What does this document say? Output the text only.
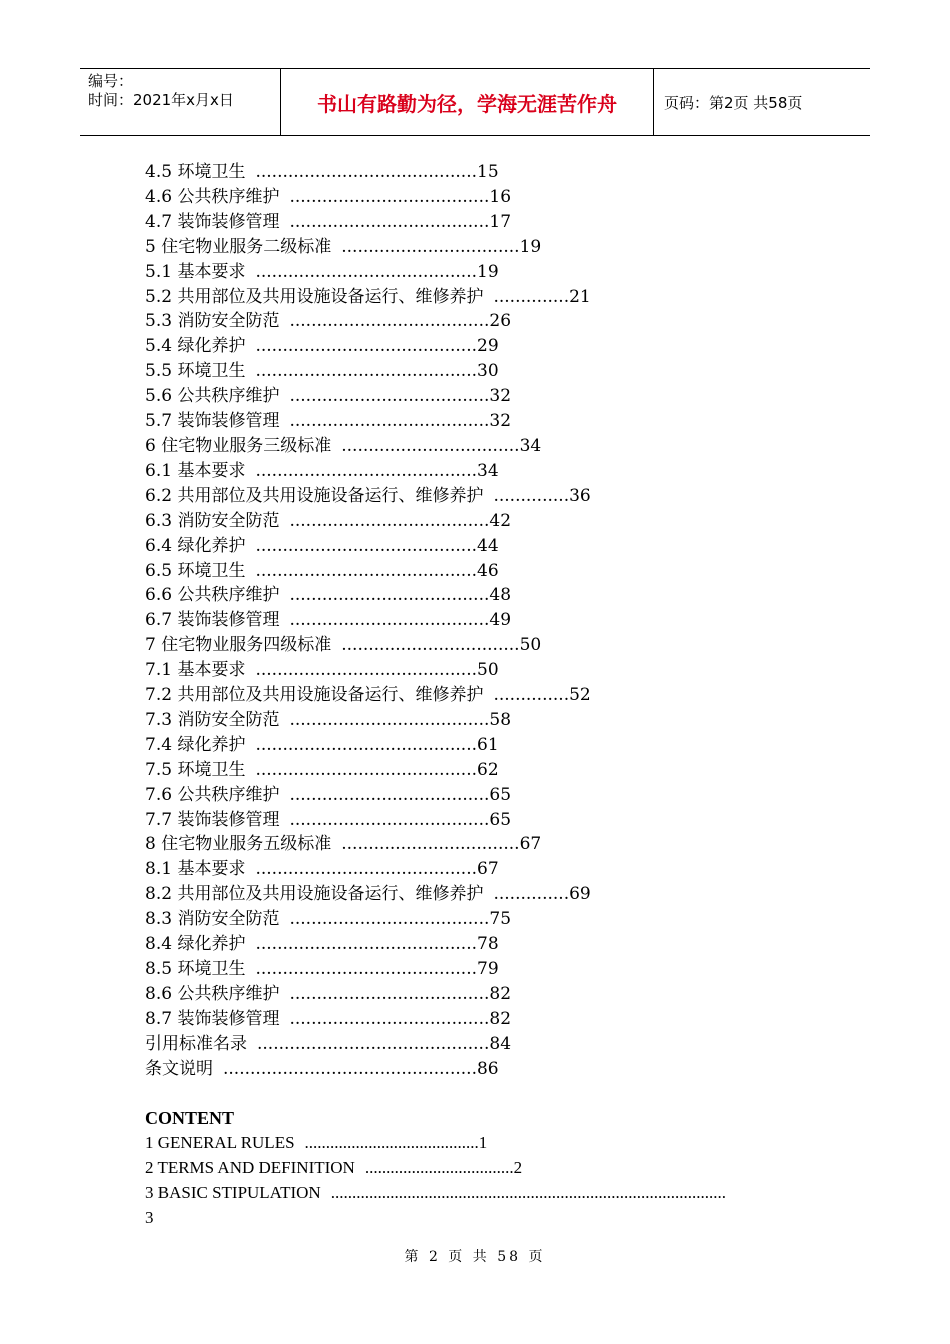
编号：
时间：2021年x月x日	书山有路勤为径，学海无涯苦作舟	页码：第2页 共58页
4.5 环境卫生 .........................................15
4.6 公共秩序维护 .....................................16
4.7 装饰装修管理 .....................................17
5 住宅物业服务二级标准 .................................19
5.1 基本要求 .........................................19
5.2 共用部位及共用设施设备运行、维修养护 ..............21
5.3 消防安全防范 .....................................26
5.4 绿化养护 .........................................29
5.5 环境卫生 .........................................30
5.6 公共秩序维护 .....................................32
5.7 装饰装修管理 .....................................32
6 住宅物业服务三级标准 .................................34
6.1 基本要求 .........................................34
6.2 共用部位及共用设施设备运行、维修养护 ..............36
6.3 消防安全防范 .....................................42
6.4 绿化养护 .........................................44
6.5 环境卫生 .........................................46
6.6 公共秩序维护 .....................................48
6.7 装饰装修管理 .....................................49
7 住宅物业服务四级标准 .................................50
7.1 基本要求 .........................................50
7.2 共用部位及共用设施设备运行、维修养护 ..............52
7.3 消防安全防范 .....................................58
7.4 绿化养护 .........................................61
7.5 环境卫生 .........................................62
7.6 公共秩序维护 .....................................65
7.7 装饰装修管理 .....................................65
8 住宅物业服务五级标准 .................................67
8.1 基本要求 .........................................67
8.2 共用部位及共用设施设备运行、维修养护 ..............69
8.3 消防安全防范 .....................................75
8.4 绿化养护 .........................................78
8.5 环境卫生 .........................................79
8.6 公共秩序维护 .....................................82
8.7 装饰装修管理 .....................................82
引用标准名录 ...........................................84
条文说明 ...............................................86
CONTENT
1 GENERAL RULES .........................................1
2 TERMS AND DEFINITION ...................................2
3 BASIC STIPULATION .............................................................................................
3
第 2 页 共 58 页
